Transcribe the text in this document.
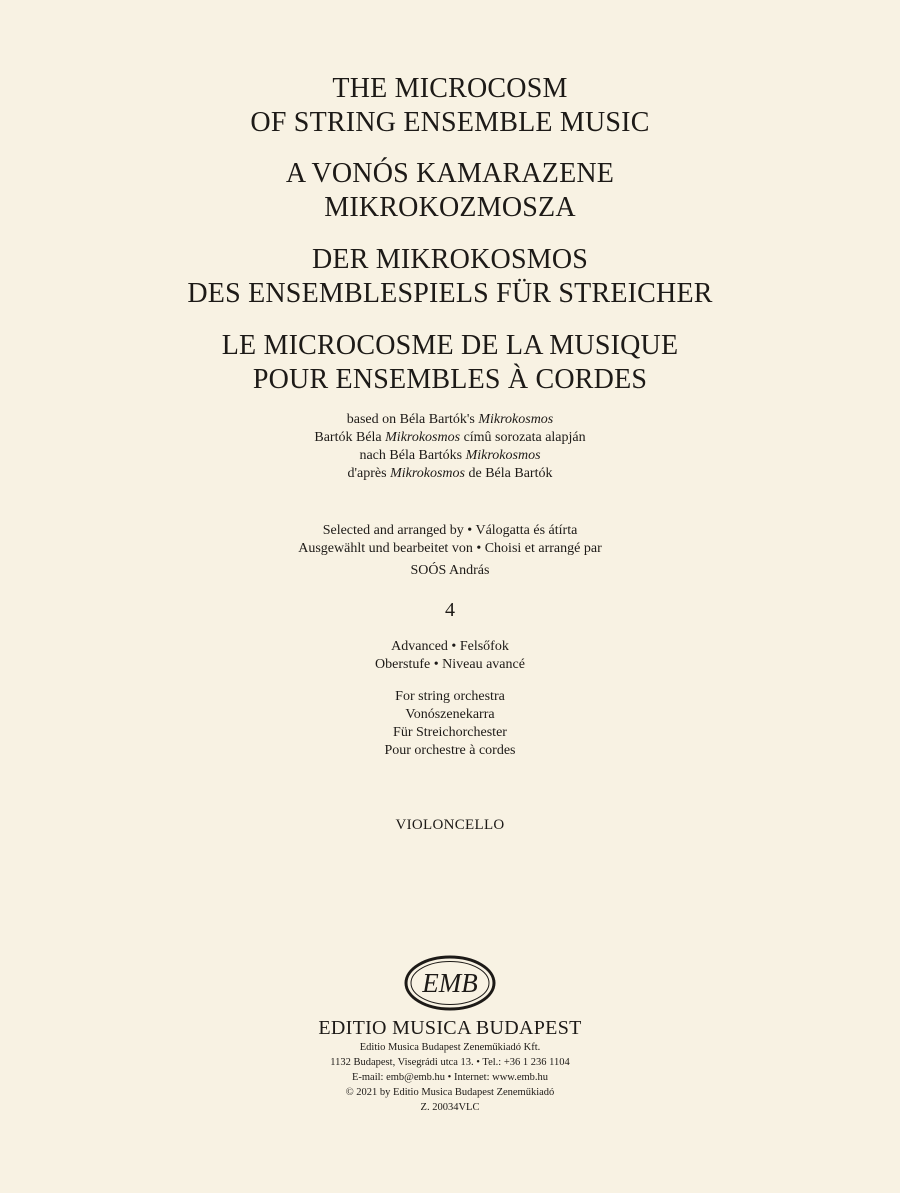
THE MICROCOSM
OF STRING ENSEMBLE MUSIC
A VONÓS KAMARAZENE
MIKROKOZMOSZA
DER MIKROKOSMOS
DES ENSEMBLESPIELS FÜR STREICHER
LE MICROCOSME DE LA MUSIQUE
POUR ENSEMBLES À CORDES
based on Béla Bartók's Mikrokosmos
Bartók Béla Mikrokosmos címû sorozata alapján
nach Béla Bartóks Mikrokosmos
d'après Mikrokosmos de Béla Bartók
Selected and arranged by • Válogatta és átírta
Ausgewählt und bearbeitet von • Choisi et arrangé par
SOÓS András
4
Advanced • Felsőfok
Oberstufe • Niveau avancé
For string orchestra
Vonószenekarra
Für Streichorchester
Pour orchestre à cordes
VIOLONCELLO
EMB
EDITIO MUSICA BUDAPEST
Editio Musica Budapest Zeneműkiadó Kft.
1132 Budapest, Visegrádi utca 13. • Tel.: +36 1 236 1104
E-mail: emb@emb.hu • Internet: www.emb.hu
© 2021 by Editio Musica Budapest Zeneműkiadó
Z. 20034VLC
